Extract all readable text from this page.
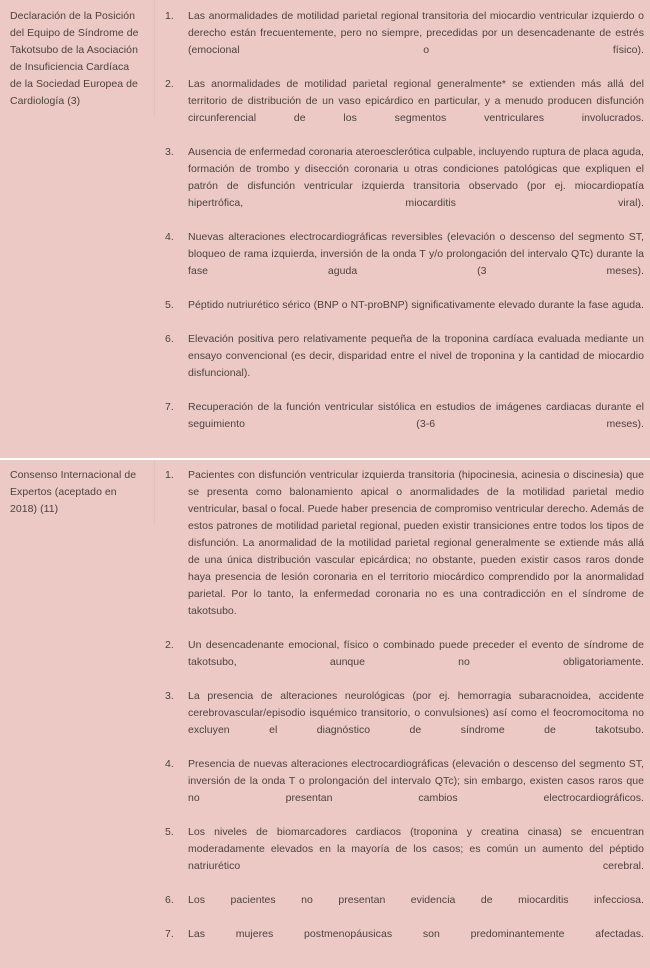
Declaración de la Posición del Equipo de Síndrome de Takotsubo de la Asociación de Insuficiencia Cardíaca de la Sociedad Europea de Cardiología (3)
1.	Las anormalidades de motilidad parietal regional transitoria del miocardio ventricular izquierdo o derecho están frecuentemente, pero no siempre, precedidas por un desencadenante de estrés (emocional o físico).
2.	Las anormalidades de motilidad parietal regional generalmente* se extienden más allá del territorio de distribución de un vaso epicárdico en particular, y a menudo producen disfunción circunferencial de los segmentos ventriculares involucrados.
3.	Ausencia de enfermedad coronaria ateroesclerótica culpable, incluyendo ruptura de placa aguda, formación de trombo y disección coronaria u otras condiciones patológicas que expliquen el patrón de disfunción ventricular izquierda transitoria observado (por ej. miocardiopatía hipertrófica, miocarditis viral).
4.	Nuevas alteraciones electrocardiográficas reversibles (elevación o descenso del segmento ST, bloqueo de rama izquierda, inversión de la onda T y/o prolongación del intervalo QTc) durante la fase aguda (3 meses).
5.	Péptido nutriurético sérico (BNP o NT-proBNP) significativamente elevado durante la fase aguda.
6.	Elevación positiva pero relativamente pequeña de la troponina cardíaca evaluada mediante un ensayo convencional (es decir, disparidad entre el nivel de troponina y la cantidad de miocardio disfuncional).
7.	Recuperación de la función ventricular sistólica en estudios de imágenes cardiacas durante el seguimiento (3-6 meses).
Consenso Internacional de Expertos (aceptado en 2018) (11)
1.	Pacientes con disfunción ventricular izquierda transitoria (hipocinesia, acinesia o discinesia) que se presenta como balonamiento apical o anormalidades de la motilidad parietal medio ventricular, basal o focal. Puede haber presencia de compromiso ventricular derecho. Además de estos patrones de motilidad parietal regional, pueden existir transiciones entre todos los tipos de disfunción. La anormalidad de la motilidad parietal regional generalmente se extiende más allá de una única distribución vascular epicárdica; no obstante, pueden existir casos raros donde haya presencia de lesión coronaria en el territorio miocárdico comprendido por la anormalidad parietal. Por lo tanto, la enfermedad coronaria no es una contradicción en el síndrome de takotsubo.
2.	Un desencadenante emocional, físico o combinado puede preceder el evento de síndrome de takotsubo, aunque no obligatoriamente.
3.	La presencia de alteraciones neurológicas (por ej. hemorragia subaracnoidea, accidente cerebrovascular/episodio isquémico transitorio, o convulsiones) así como el feocromocitoma no excluyen el diagnóstico de síndrome de takotsubo.
4.	Presencia de nuevas alteraciones electrocardiográficas (elevación o descenso del segmento ST, inversión de la onda T o prolongación del intervalo QTc); sin embargo, existen casos raros que no presentan cambios electrocardiográficos.
5.	Los niveles de biomarcadores cardiacos (troponina y creatina cinasa) se encuentran moderadamente elevados en la mayoría de los casos; es común un aumento del péptido natriurético cerebral.
6.	Los pacientes no presentan evidencia de miocarditis infecciosa.
7.	Las mujeres postmenopáusicas son predominantemente afectadas.
